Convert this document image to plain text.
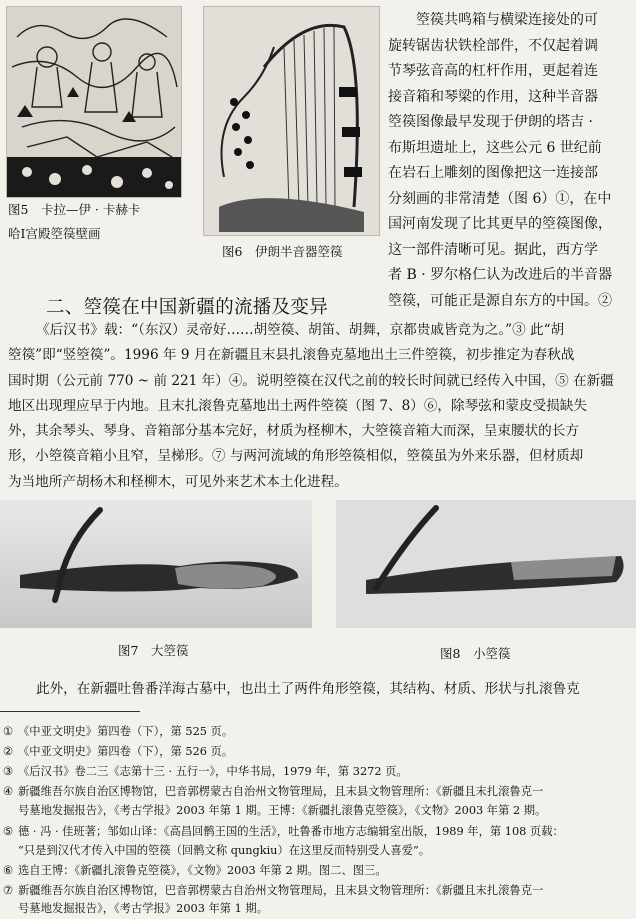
图5　卡拉—伊 · 卡赫卡
哈Ⅰ宫殿箜篌壁画
图6　伊朗半音器箜篌

箜篌共鸣箱与横梁连接处的可

旋转锯齿状铁栓部件，不仅起着调

节琴弦音高的杠杆作用，更起着连

接音箱和琴梁的作用，这种半音器

箜篌图像最早发现于伊朗的塔吉 ·

布斯坦遗址上，这些公元 6 世纪前

在岩石上雕刻的图像把这一连接部

分刻画的非常清楚（图 6）①，在中

国河南发现了比其更早的箜篌图像，

这一部件清晰可见。据此，西方学

者 B · 罗尔格仁认为改进后的半音器

箜篌，可能正是源自东方的中国。②

二、箜篌在中国新疆的流播及变异

《后汉书》载：“（东汉）灵帝好……胡箜篌、胡笛、胡舞，京都贵戚皆竞为之。”③ 此“胡

箜篌”即“竖箜篌”。1996 年 9 月在新疆且末县扎滚鲁克墓地出土三件箜篌，初步推定为春秋战

国时期（公元前 770 ~ 前 221 年）④。说明箜篌在汉代之前的较长时间就已经传入中国，⑤ 在新疆

地区出现理应早于内地。且末扎滚鲁克墓地出土两件箜篌（图 7、8）⑥，除琴弦和蒙皮受损缺失

外，其余琴头、琴身、音箱部分基本完好，材质为柽柳木，大箜篌音箱大而深，呈束腰状的长方

形，小箜篌音箱小且窄，呈梯形。⑦ 与两河流域的角形箜篌相似，箜篌虽为外来乐器，但材质却

为当地所产胡杨木和柽柳木，可见外来艺术本土化进程。

图7　大箜篌	图8　小箜篌
此外，在新疆吐鲁番洋海古墓中，也出土了两件角形箜篌，其结构、材质、形状与扎滚鲁克
① 《中亚文明史》第四卷（下），第 525 页。
② 《中亚文明史》第四卷（下），第 526 页。
③ 《后汉书》卷二三《志第十三 · 五行一》，中华书局，1979 年，第 3272 页。
④ 新疆维吾尔族自治区博物馆，巴音郭楞蒙古自治州文物管理局，且末县文物管理所：《新疆且末扎滚鲁克一
号墓地发掘报告》，《考古学报》2003 年第 1 期。王博：《新疆扎滚鲁克箜篌》，《文物》2003 年第 2 期。
⑤ 德 · 冯 · 佳班著；邹如山译：《高昌回鹘王国的生活》，吐鲁番市地方志编辑室出版，1989 年，第 108 页载：
“只是到汉代才传入中国的箜篌（回鹘文称 qungkiu）在这里反而特别受人喜爱”。
⑥ 选自王博：《新疆扎滚鲁克箜篌》，《文物》2003 年第 2 期。图二、图三。
⑦ 新疆维吾尔族自治区博物馆，巴音郭楞蒙古自治州文物管理局，且末县文物管理所：《新疆且末扎滚鲁克一
号墓地发掘报告》，《考古学报》2003 年第 1 期。
